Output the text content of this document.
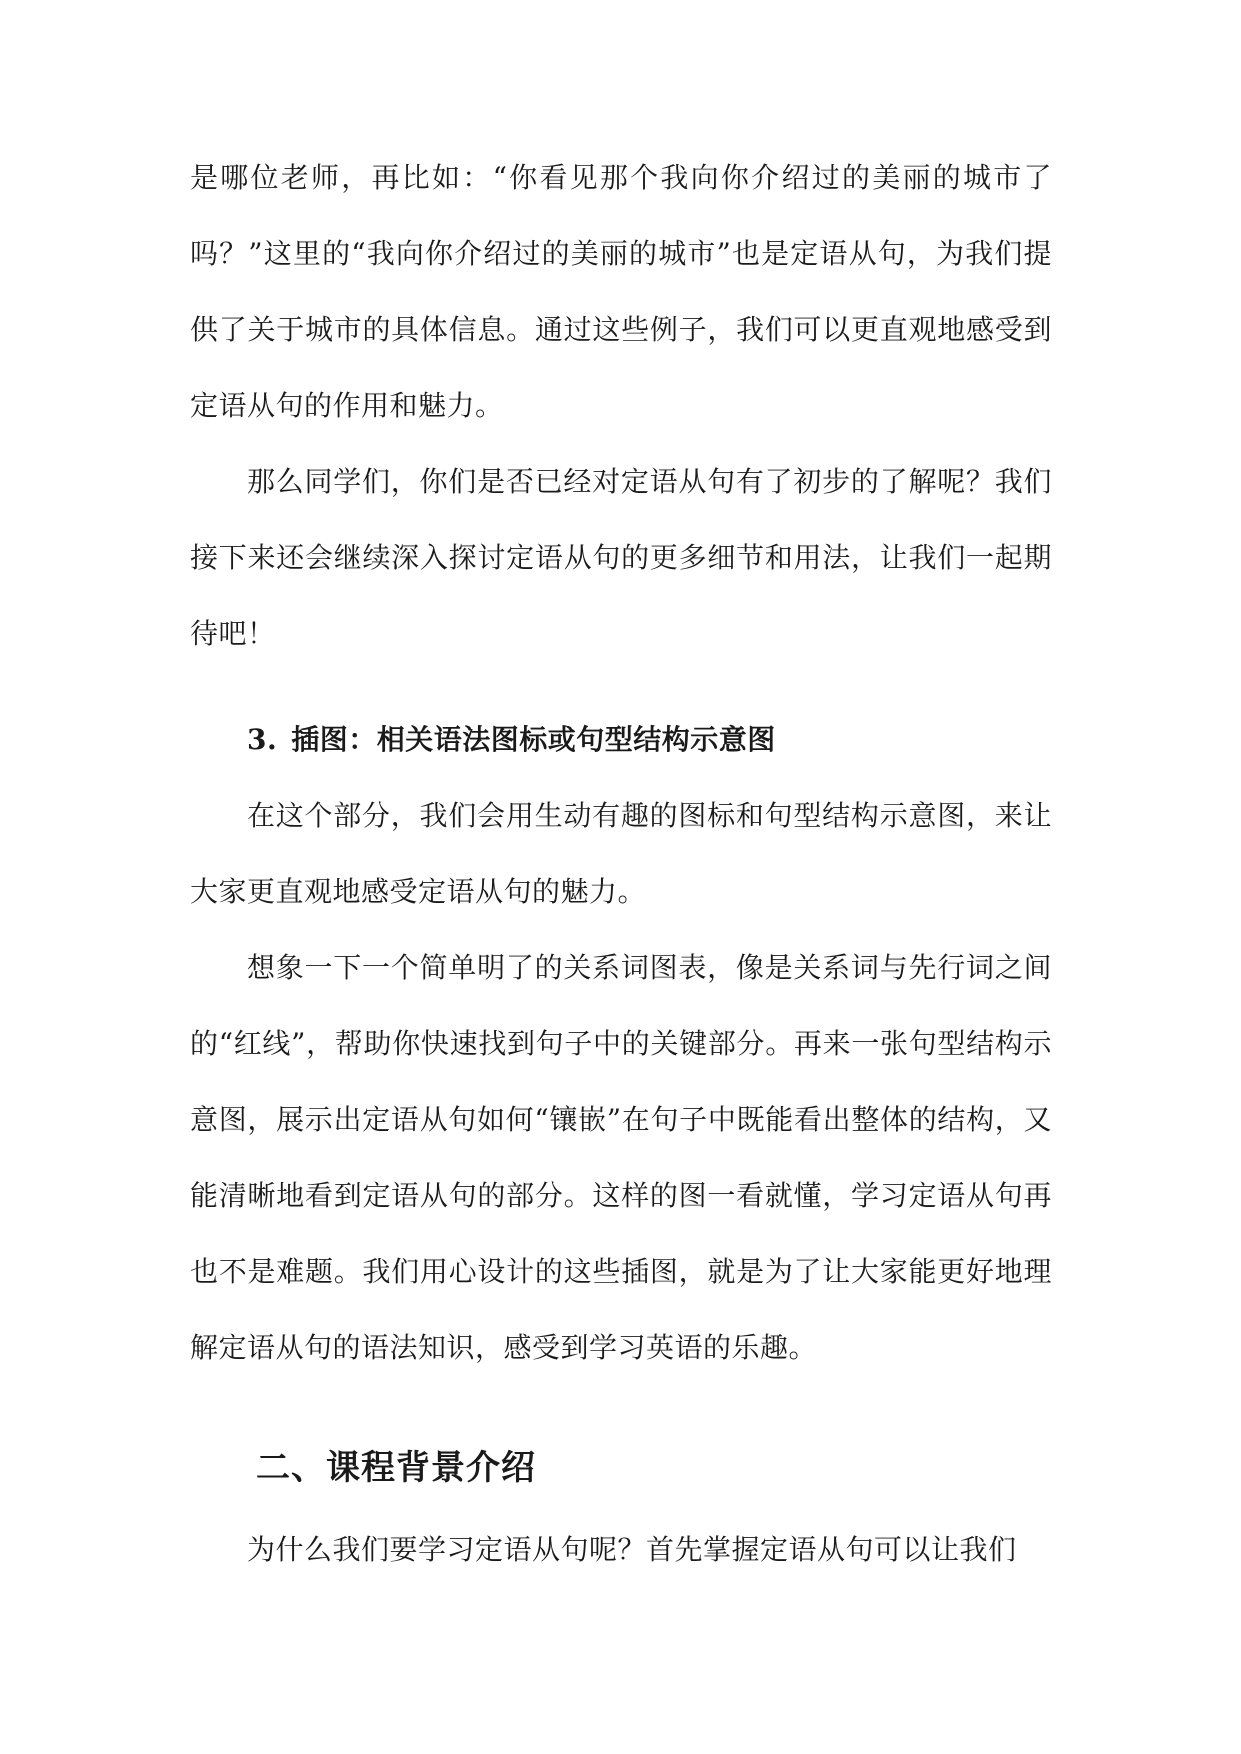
是哪位老师，再比如：“你看见那个我向你介绍过的美丽的城市了吗？”这里的“我向你介绍过的美丽的城市”也是定语从句，为我们提供了关于城市的具体信息。通过这些例子，我们可以更直观地感受到定语从句的作用和魅力。

那么同学们，你们是否已经对定语从句有了初步的了解呢？我们接下来还会继续深入探讨定语从句的更多细节和用法，让我们一起期待吧！

3. 插图：相关语法图标或句型结构示意图

在这个部分，我们会用生动有趣的图标和句型结构示意图，来让大家更直观地感受定语从句的魅力。

想象一下一个简单明了的关系词图表，像是关系词与先行词之间的“红线”，帮助你快速找到句子中的关键部分。再来一张句型结构示意图，展示出定语从句如何“镶嵌”在句子中既能看出整体的结构，又能清晰地看到定语从句的部分。这样的图一看就懂，学习定语从句再也不是难题。我们用心设计的这些插图，就是为了让大家能更好地理解定语从句的语法知识，感受到学习英语的乐趣。

二、课程背景介绍

为什么我们要学习定语从句呢？首先掌握定语从句可以让我们
